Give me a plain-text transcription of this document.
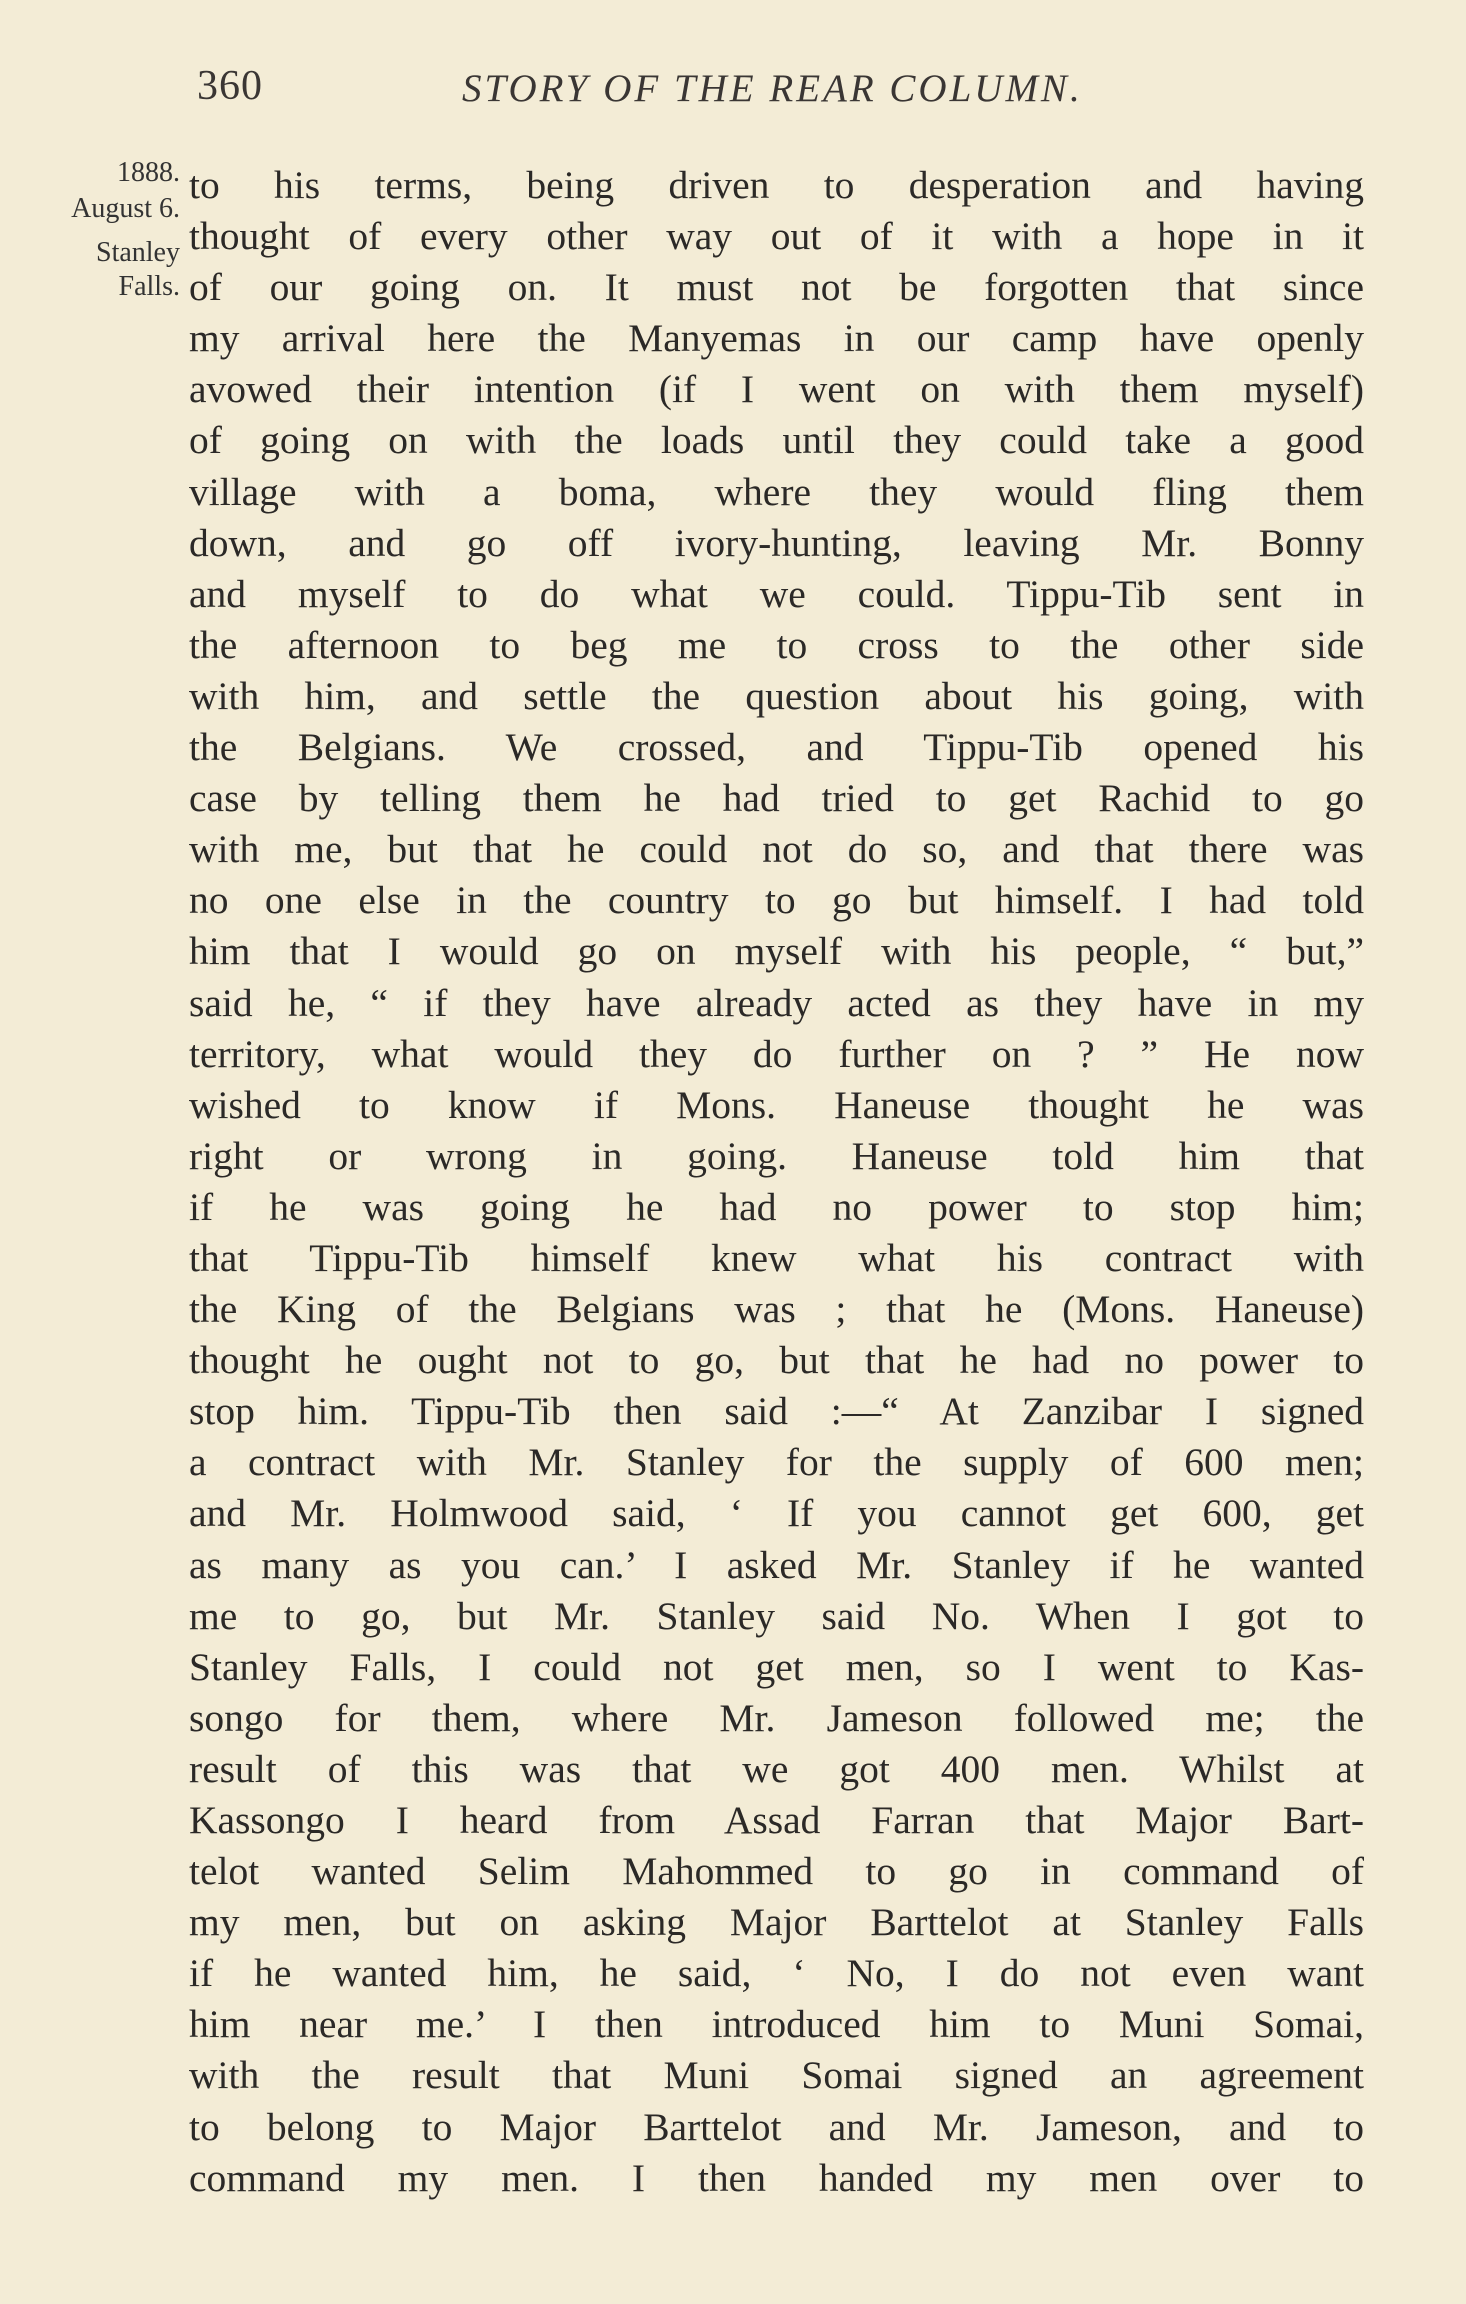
360	STORY OF THE REAR COLUMN.
1888.
August 6.
Stanley
Falls.
to his terms, being driven to desperation and having
thought of every other way out of it with a hope in it
of our going on. It must not be forgotten that since
my arrival here the Manyemas in our camp have openly
avowed their intention (if I went on with them myself)
of going on with the loads until they could take a good
village with a boma, where they would fling them
down, and go off ivory-hunting, leaving Mr. Bonny
and myself to do what we could. Tippu-Tib sent in
the afternoon to beg me to cross to the other side
with him, and settle the question about his going, with
the Belgians. We crossed, and Tippu-Tib opened his
case by telling them he had tried to get Rachid to go
with me, but that he could not do so, and that there was
no one else in the country to go but himself. I had told
him that I would go on myself with his people, “ but,”
said he, “ if they have already acted as they have in my
territory, what would they do further on ? ” He now
wished to know if Mons. Haneuse thought he was
right or wrong in going. Haneuse told him that
if he was going he had no power to stop him;
that Tippu-Tib himself knew what his contract with
the King of the Belgians was ; that he (Mons. Haneuse)
thought he ought not to go, but that he had no power to
stop him. Tippu-Tib then said :—“ At Zanzibar I signed
a contract with Mr. Stanley for the supply of 600 men;
and Mr. Holmwood said, ‘ If you cannot get 600, get
as many as you can.’ I asked Mr. Stanley if he wanted
me to go, but Mr. Stanley said No. When I got to
Stanley Falls, I could not get men, so I went to Kas-
songo for them, where Mr. Jameson followed me; the
result of this was that we got 400 men. Whilst at
Kassongo I heard from Assad Farran that Major Bart-
telot wanted Selim Mahommed to go in command of
my men, but on asking Major Barttelot at Stanley Falls
if he wanted him, he said, ‘ No, I do not even want
him near me.’ I then introduced him to Muni Somai,
with the result that Muni Somai signed an agreement
to belong to Major Barttelot and Mr. Jameson, and to
command my men. I then handed my men over to
